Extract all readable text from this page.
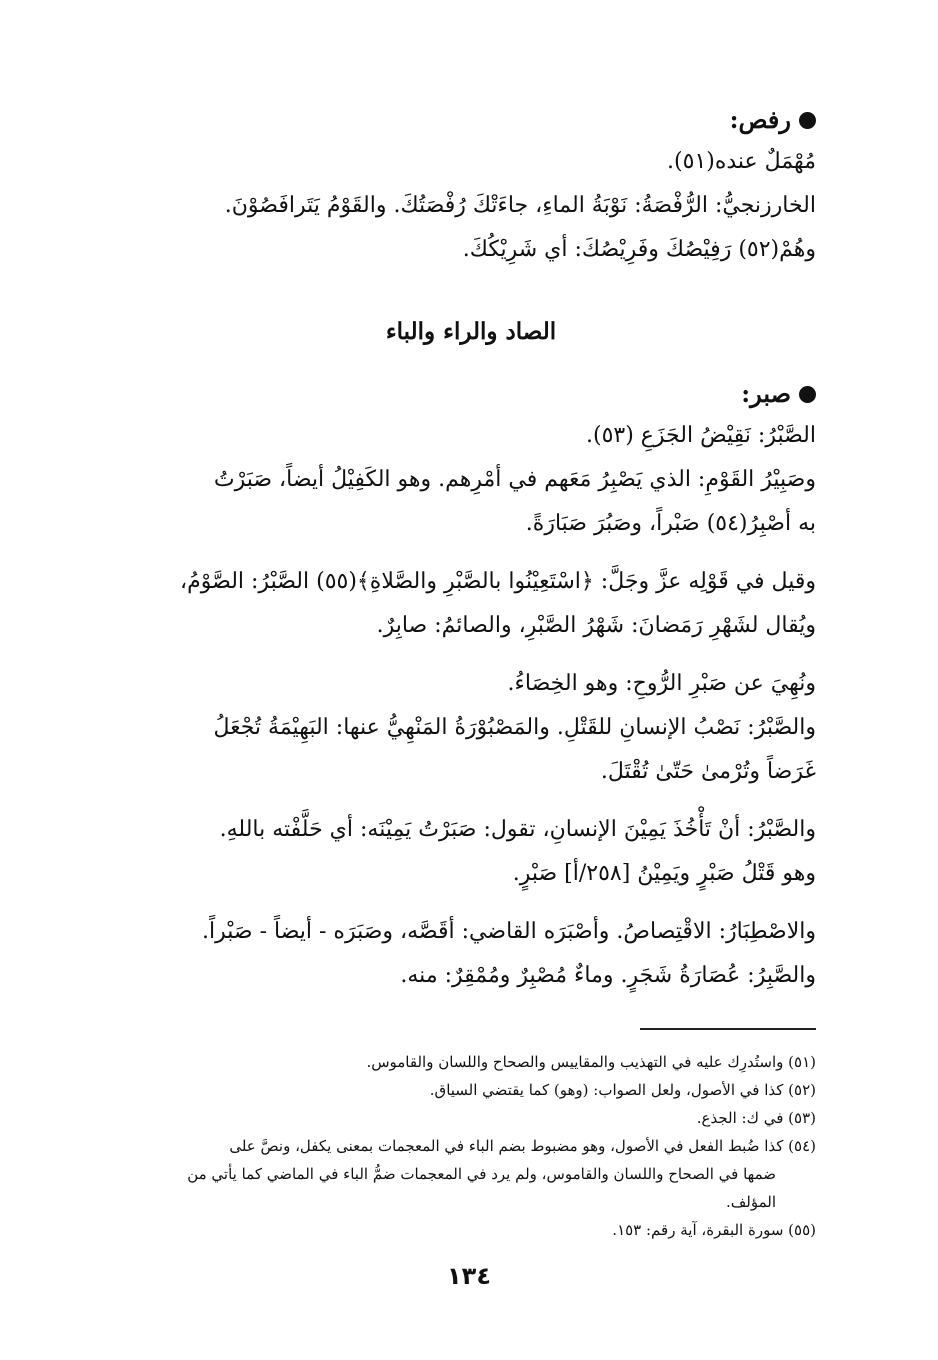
رفص:

مُهْمَلٌ عنده(٥١).

الخارزنجيُّ: الرُّفْصَةُ: نَوْبَةُ الماءِ، جاءَتْكَ رُفْصَتُكَ. والقَوْمُ يَتَرافَصُوْنَ.

وهُمْ(٥٢) رَفِيْصُكَ وفَرِيْصُكَ: أي شَرِيْكُكَ.

الصاد والراء والباء
صبر:

الصَّبْرُ: نَقِيْضُ الجَزَعِ (٥٣).

وصَبِيْرُ القَوْمِ: الذي يَصْبِرُ مَعَهم في أمْرِهم. وهو الكَفِيْلُ أيضاً، صَبَرْتُ

به أصْبِرُ(٥٤) صَبْراً، وصَبُرَ صَبَارَةً.

وقيل في قَوْلِه عزَّ وجَلَّ: ﴿اسْتَعِيْنُوا بالصَّبْرِ والصَّلاةِ﴾(٥٥) الصَّبْرُ: الصَّوْمُ،

ويُقال لشَهْرِ رَمَضانَ: شَهْرُ الصَّبْرِ، والصائمُ: صابِرٌ.

ونُهِيَ عن صَبْرِ الرُّوحِ: وهو الخِصَاءُ.

والصَّبْرُ: نَصْبُ الإنسانِ للقَتْلِ. والمَصْبُوْرَةُ المَنْهِيُّ عنها: البَهِيْمَةُ تُجْعَلُ

غَرَضاً وتُرْمىٰ حَتّىٰ تُقْتَلَ.

والصَّبْرُ: أنْ تَأْخُذَ يَمِيْنَ الإنسانِ، تقول: صَبَرْتُ يَمِيْنَه: أي حَلَّفْته باللهِ.

وهو قَتْلُ صَبْرٍ ويَمِيْنُ [٢٥٨/أ] صَبْرٍ.

والاصْطِبَارُ: الاقْتِصاصُ. وأصْبَرَه القاضي: أقَصَّه، وصَبَرَه - أيضاً - صَبْراً.

والصَّبِرُ: عُصَارَةُ شَجَرٍ. وماءٌ مُصْبِرٌ ومُمْقِرٌ: منه.

(٥١) واستُدرِك عليه في التهذيب والمقاييس والصحاح واللسان والقاموس.

(٥٢) كذا في الأصول، ولعل الصواب: (وهو) كما يقتضي السياق.

(٥٣) في ك: الجذع.

(٥٤) كذا ضُبط الفعل في الأصول، وهو مضبوط بضم الباء في المعجمات بمعنى يكفل، ونصَّ على

ضمها في الصحاح واللسان والقاموس، ولم يرد في المعجمات ضمُّ الباء في الماضي كما يأتي من

المؤلف.

(٥٥) سورة البقرة، آية رقم: ١٥٣.

١٣٤
